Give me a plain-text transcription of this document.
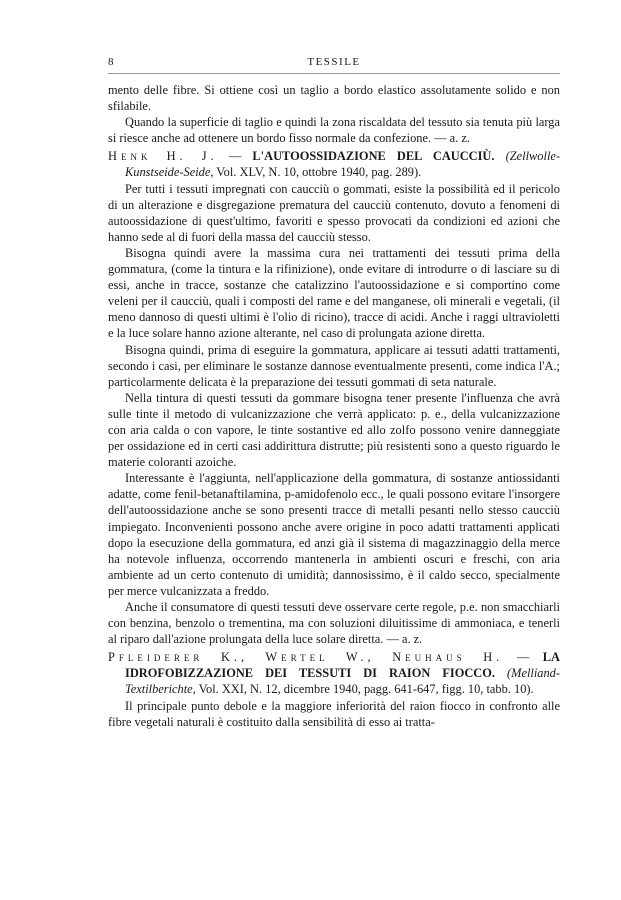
8	TESSILE

mento delle fibre. Si ottiene così un taglio a bordo elastico assolutamente solido e non sfilabile.

Quando la superficie di taglio e quindi la zona riscaldata del tessuto sia tenuta più larga si riesce anche ad ottenere un bordo fisso normale da confezione. — a. z.

Henk H. J. — L'AUTOOSSIDAZIONE DEL CAUCCIÙ. (Zellwolle-Kunstseide-Seide, Vol. XLV, N. 10, ottobre 1940, pag. 289).

Per tutti i tessuti impregnati con caucciù o gommati, esiste la possibilità ed il pericolo di un alterazione e disgregazione prematura del caucciù contenuto, dovuto a fenomeni di autoossidazione di quest'ultimo, favoriti e spesso provocati da condizioni ed azioni che hanno sede al di fuori della massa del caucciù stesso.

Bisogna quindi avere la massima cura nei trattamenti dei tessuti prima della gommatura, (come la tintura e la rifinizione), onde evitare di introdurre o di lasciare su di essi, anche in tracce, sostanze che catalizzino l'autoossidazione e si comportino come veleni per il caucciù, quali i composti del rame e del manganese, oli minerali e vegetali, (il meno dannoso di questi ultimi è l'olio di ricino), tracce di acidi. Anche i raggi ultravioletti e la luce solare hanno azione alterante, nel caso di prolungata azione diretta.

Bisogna quindi, prima di eseguire la gommatura, applicare ai tessuti adatti trattamenti, secondo i casi, per eliminare le sostanze dannose eventualmente presenti, come indica l'A.; particolarmente delicata è la preparazione dei tessuti gommati di seta naturale.

Nella tintura di questi tessuti da gommare bisogna tener presente l'influenza che avrà sulle tinte il metodo di vulcanizzazione che verrà applicato: p. e., della vulcanizzazione con aria calda o con vapore, le tinte sostantive ed allo zolfo possono venire danneggiate per ossidazione ed in certi casi addirittura distrutte; più resistenti sono a questo riguardo le materie coloranti azoiche.

Interessante è l'aggiunta, nell'applicazione della gommatura, di sostanze antiossidanti adatte, come fenil-betanaftilamina, p-amidofenolo ecc., le quali possono evitare l'insorgere dell'autoossidazione anche se sono presenti tracce di metalli pesanti nello stesso caucciù impiegato. Inconvenienti possono anche avere origine in poco adatti trattamenti applicati dopo la esecuzione della gommatura, ed anzi già il sistema di magazzinaggio della merce ha notevole influenza, occorrendo mantenerla in ambienti oscuri e freschi, con aria ambiente ad un certo contenuto di umidità; dannosissimo, è il caldo secco, specialmente per merce vulcanizzata a freddo.

Anche il consumatore di questi tessuti deve osservare certe regole, p.e. non smacchiarli con benzina, benzolo o trementina, ma con soluzioni diluitissime di ammoniaca, e tenerli al riparo dall'azione prolungata della luce solare diretta. — a. z.

Pfleiderer K., Wertel W., Neuhaus H. — LA IDROFOBIZZAZIONE DEI TESSUTI DI RAION FIOCCO. (Melliand-Textilberichte, Vol. XXI, N. 12, dicembre 1940, pagg. 641-647, figg. 10, tabb. 10).

Il principale punto debole e la maggiore inferiorità del raion fiocco in confronto alle fibre vegetali naturali è costituito dalla sensibilità di esso ai tratta-
